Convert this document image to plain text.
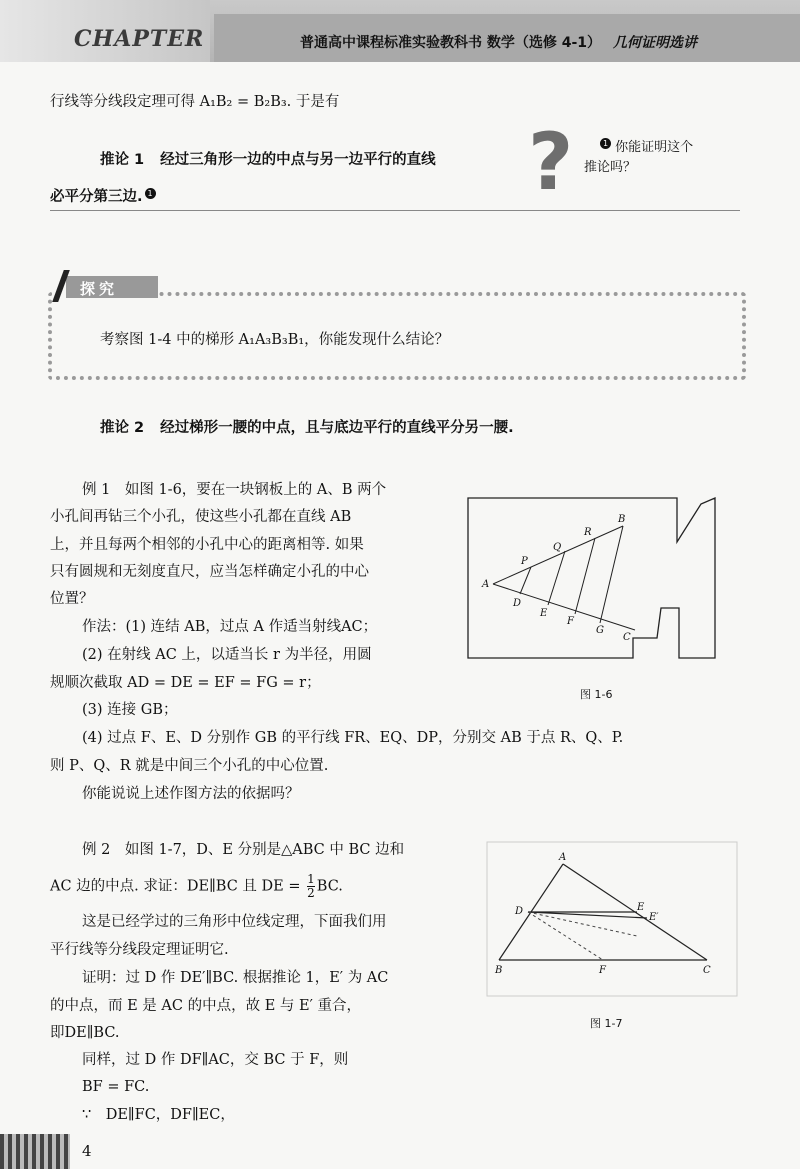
CHAPTER	普通高中课程标准实验教科书 数学（选修 4-1） 几何证明选讲
行线等分线段定理可得 A₁B₂ = B₂B₃. 于是有
推论 1 经过三角形一边的中点与另一边平行的直线
必平分第三边. 1	?	1 你能证明这个
推论吗？
探究
考察图 1-4 中的梯形 A₁A₃B₃B₁，你能发现什么结论？
推论 2 经过梯形一腰的中点，且与底边平行的直线平分另一腰.
例 1　如图 1-6，要在一块钢板上的 A、B 两个
小孔间再钻三个小孔，使这些小孔都在直线 AB
上，并且每两个相邻的小孔中心的距离相等. 如果
只有圆规和无刻度直尺，应当怎样确定小孔的中心
位置？
作法：(1) 连结 AB，过点 A 作适当射线AC；
(2) 在射线 AC 上，以适当长 r 为半径，用圆
规顺次截取 AD = DE = EF = FG = r；
(3) 连接 GB；
(4) 过点 F、E、D 分别作 GB 的平行线 FR、EQ、DP，分别交 AB 于点 R、Q、P.
则 P、Q、R 就是中间三个小孔的中心位置.
你能说说上述作图方法的依据吗？
A
P
Q
R
B
D
E
F
G
C
图 1-6
例 2　如图 1-7，D、E 分别是△ABC 中 BC 边和
AC 边的中点. 求证：DE∥BC 且 DE = $\frac{1}{2}$ BC.
这是已经学过的三角形中位线定理，下面我们用
平行线等分线段定理证明它.
证明：过 D 作 DE′∥BC. 根据推论 1，E′ 为 AC
的中点，而 E 是 AC 的中点，故 E 与 E′ 重合，
即DE∥BC.
同样，过 D 作 DF∥AC，交 BC 于 F，则
BF = FC.
∵　DE∥FC，DF∥EC，
A
D	E
E′
B	F	C
图 1-7
4
